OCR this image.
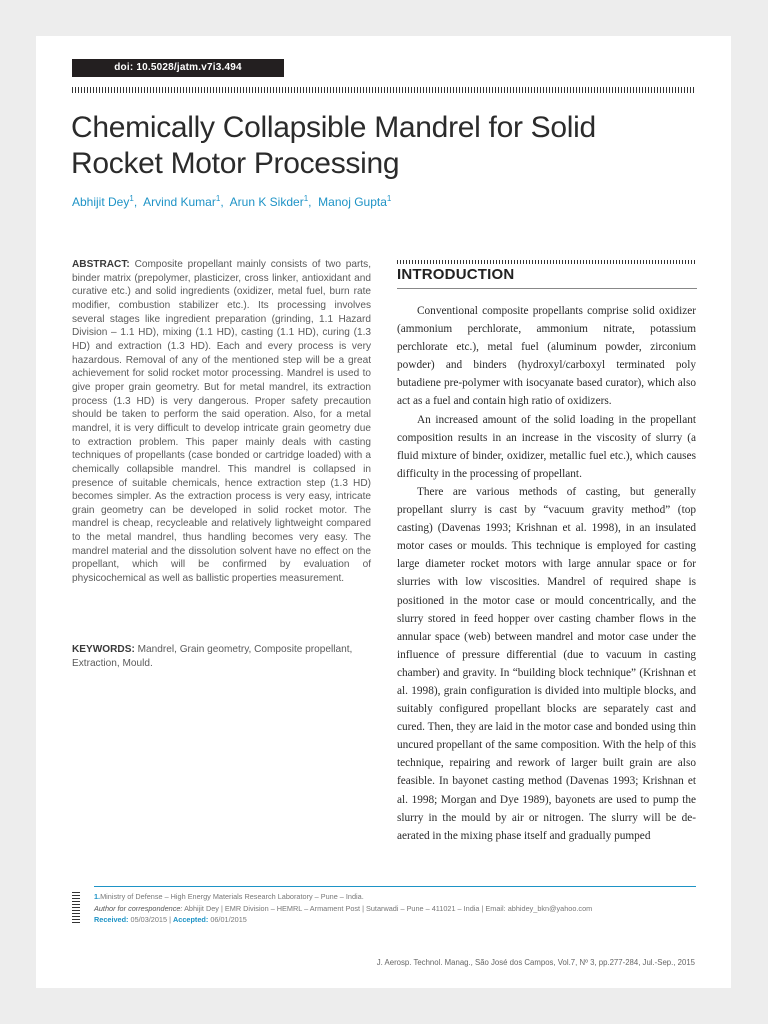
doi: 10.5028/jatm.v7i3.494
Chemically Collapsible Mandrel for Solid
Rocket Motor Processing
Abhijit Dey$^1$,  Arvind Kumar$^1$,  Arun K Sikder$^1$,  Manoj Gupta$^1$

ABSTRACT: Composite propellant mainly consists of two parts, binder matrix (prepolymer, plasticizer, cross linker, antioxidant and curative etc.) and solid ingredients (oxidizer, metal fuel, burn rate modifier, combustion stabilizer etc.). Its processing involves several stages like ingredient preparation (grinding, 1.1 Hazard Division – 1.1 HD), mixing (1.1 HD), casting (1.1 HD), curing (1.3 HD) and extraction (1.3 HD). Each and every process is very hazardous. Removal of any of the mentioned step will be a great achievement for solid rocket motor processing. Mandrel is used to give proper grain geometry. But for metal mandrel, its extraction process (1.3 HD) is very dangerous. Proper safety precaution should be taken to perform the said operation. Also, for a metal mandrel, it is very difficult to develop intricate grain geometry due to extraction problem. This paper mainly deals with casting techniques of propellants (case bonded or cartridge loaded) with a chemically collapsible mandrel. This mandrel is collapsed in presence of suitable chemicals, hence extraction step (1.3 HD) becomes simpler. As the extraction process is very easy, intricate grain geometry can be developed in solid rocket motor. The mandrel is cheap, recycleable and relatively lightweight compared to the metal mandrel, thus handling becomes very easy. The mandrel material and the dissolution solvent have no effect on the propellant, which will be confirmed by evaluation of physicochemical as well as ballistic properties measurement.

KEYWORDS: Mandrel, Grain geometry, Composite propellant, Extraction, Mould.

INTRODUCTION

Conventional composite propellants comprise solid oxidizer (ammonium perchlorate, ammonium nitrate, potassium perchlorate etc.), metal fuel (aluminum powder, zirconium powder) and binders (hydroxyl/carboxyl terminated poly butadiene pre-polymer with isocyanate based curator), which also act as a fuel and contain high ratio of oxidizers.

An increased amount of the solid loading in the propellant composition results in an increase in the viscosity of slurry (a fluid mixture of binder, oxidizer, metallic fuel etc.), which causes difficulty in the processing of propellant.

There are various methods of casting, but generally propellant slurry is cast by “vacuum gravity method” (top casting) (Davenas 1993; Krishnan et al. 1998), in an insulated motor cases or moulds. This technique is employed for casting large diameter rocket motors with large annular space or for slurries with low viscosities. Mandrel of required shape is positioned in the motor case or mould concentrically, and the slurry stored in feed hopper over casting chamber flows in the annular space (web) between mandrel and motor case under the influence of pressure differential (due to vacuum in casting chamber) and gravity. In “building block technique” (Krishnan et al. 1998), grain configuration is divided into multiple blocks, and suitably configured propellant blocks are separately cast and cured. Then, they are laid in the motor case and bonded using thin uncured propellant of the same composition. With the help of this technique, repairing and rework of larger built grain are also feasible. In bayonet casting method (Davenas 1993; Krishnan et al. 1998; Morgan and Dye 1989), bayonets are used to pump the slurry in the mould by air or nitrogen. The slurry will be de-aerated in the mixing phase itself and gradually pumped

1.Ministry of Defense – High Energy Materials Research Laboratory – Pune – India.
Author for correspondence: Abhijit Dey | EMR Division – HEMRL – Armament Post | Sutarwadi – Pune – 411021 – India | Email: abhidey_bkn@yahoo.com
Received: 05/03/2015 | Accepted: 06/01/2015
J. Aerosp. Technol. Manag., São José dos Campos, Vol.7, Nº 3, pp.277-284, Jul.-Sep., 2015
